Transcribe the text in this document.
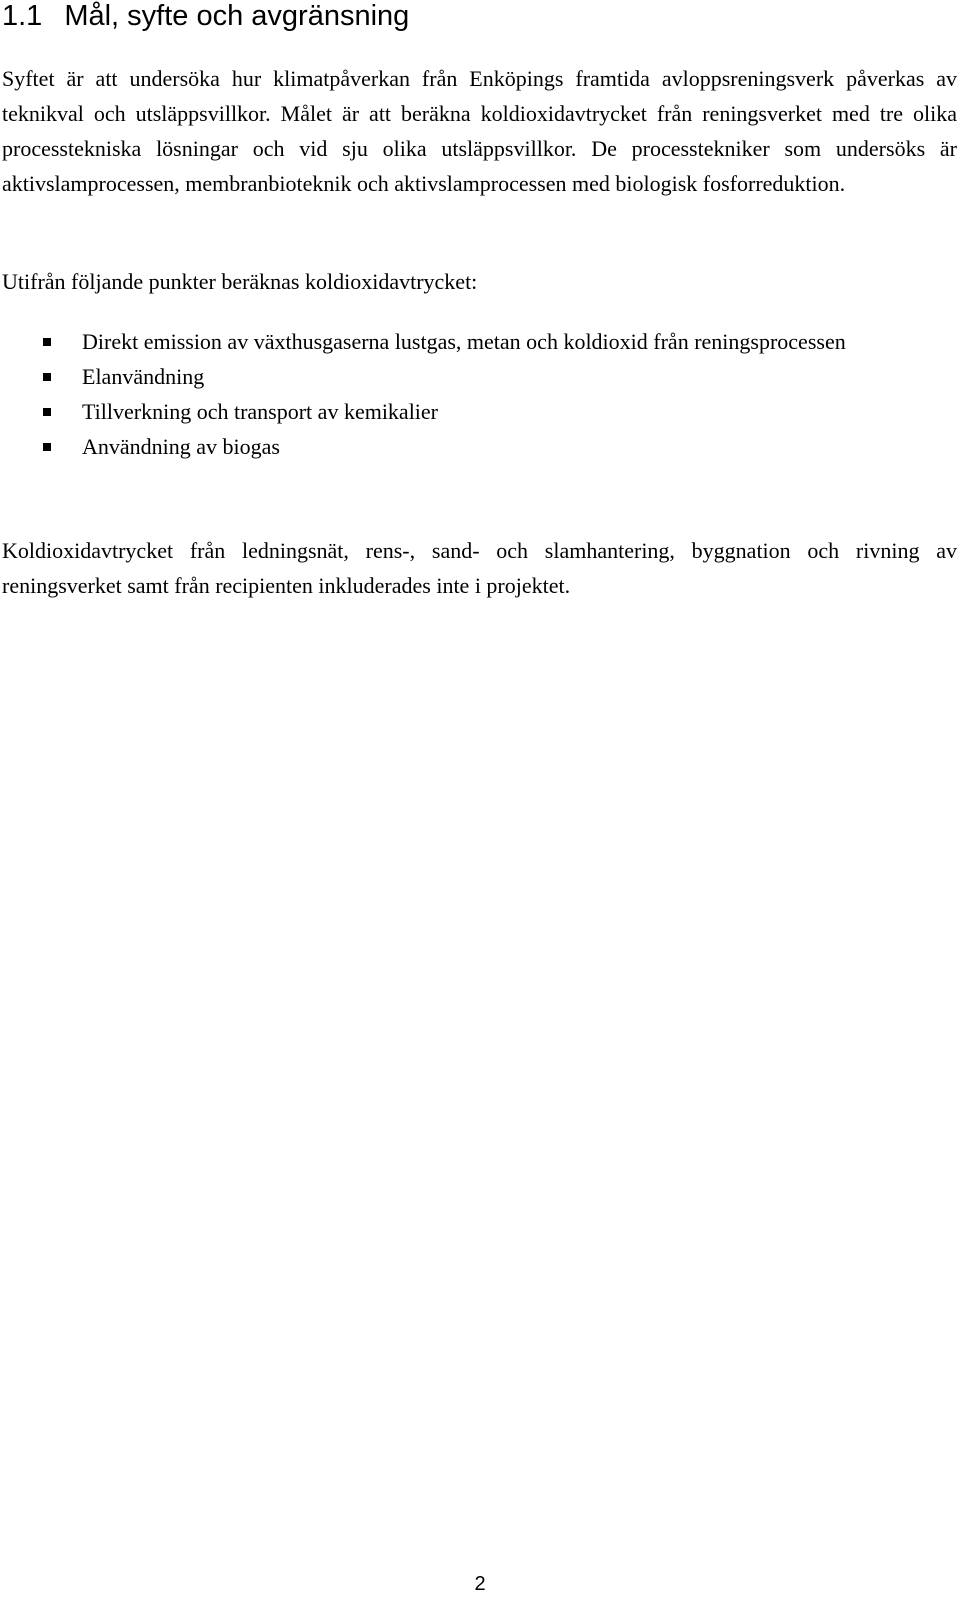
1.1 Mål, syfte och avgränsning

Syftet är att undersöka hur klimatpåverkan från Enköpings framtida avloppsreningsverk påverkas av teknikval och utsläppsvillkor. Målet är att beräkna koldioxidavtrycket från reningsverket med tre olika processtekniska lösningar och vid sju olika utsläppsvillkor. De processtekniker som undersöks är aktivslamprocessen, membranbioteknik och aktivslamprocessen med biologisk fosforreduktion.

Utifrån följande punkter beräknas koldioxidavtrycket:

Direkt emission av växthusgaserna lustgas, metan och koldioxid från reningsprocessen
Elanvändning
Tillverkning och transport av kemikalier
Användning av biogas

Koldioxidavtrycket från ledningsnät, rens-, sand- och slamhantering, byggnation och rivning av reningsverket samt från recipienten inkluderades inte i projektet.

2
